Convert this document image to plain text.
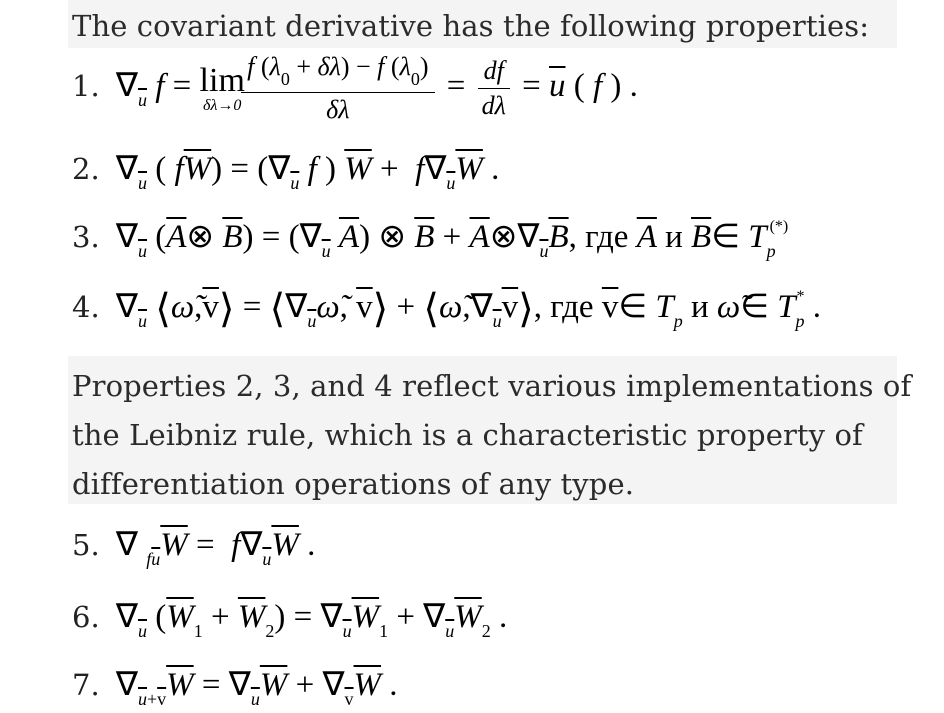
The covariant derivative has the following properties:
1. $\nabla_{\overline{u}}$ f = lim
δλ→0
$\frac{f (\lambda_0 + \delta\lambda) - f (\lambda_0)}{\delta\lambda} = \frac{df}{d\lambda} = \overline{u}$ ( f ) .
2. $\nabla_{\overline{u}}$ ( $f\overline{W}) = (\nabla_{\overline{u}}$ f ) $\overline{W} + f\nabla_{\overline{u}}\overline{W}$ .
3. $\nabla_{\overline{u}}$ ($\overline{A}\otimes$ $\overline{B}) = (\nabla_{\overline{u}}$ $\overline{A}$) ⊗ $\overline{B}$ + $\overline{A}\otimes\nabla_{\overline{u}}\overline{B}$, где $\overline{A}$ и $\overline{B}\in$ $T_p^{(*)}$
4. $\nabla_{\overline{u}}$ $⟨\omegã,\overline{v}⟩$ = $⟨\nabla_{\overline{u}}\omegã$, $\overline{v}⟩$ + $⟨\omegã,\nabla_{\overline{u}}\overline{v}⟩$, где $\overline{v}\in$ $T_p$ и ω̃∈ $T_p^*$ .
Properties 2, 3, and 4 reflect various implementations of
the Leibniz rule, which is a characteristic property of
differentiation operations of any type.
5. ∇ $_{f\overline{u}}\overline{W} = f\nabla_{\overline{u}}\overline{W}$ .
6. $\nabla_{\overline{u}}$ $(\overline{W}_1 + \overline{W}_2) = \nabla_{\overline{u}}\overline{W}_1 + \nabla_{\overline{u}}\overline{W}_2$ .
7. $\nabla_{\overline{u}+\overline{v}}\overline{W} = \nabla_{\overline{u}}\overline{W} + \nabla_{\overline{v}}\overline{W}$ .
